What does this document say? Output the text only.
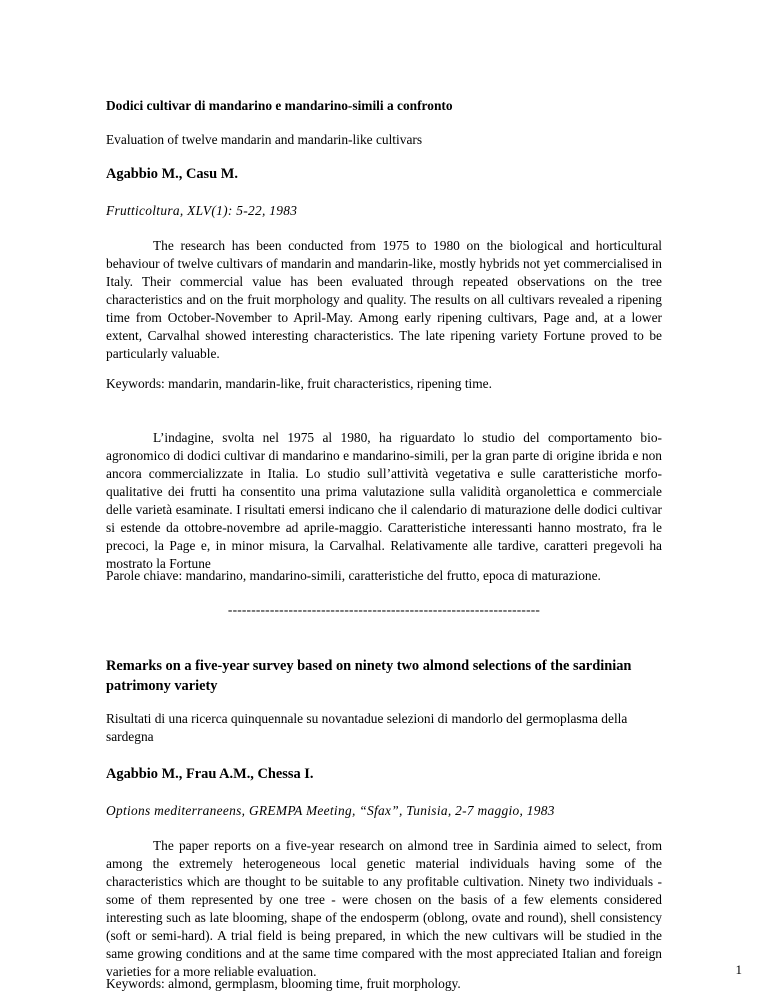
Dodici cultivar di mandarino e mandarino-simili a confronto

Evaluation of twelve mandarin and mandarin-like cultivars

Agabbio M., Casu M.

Frutticoltura, XLV(1): 5-22, 1983

The research has been conducted from 1975 to 1980 on the biological and horticultural behaviour of twelve cultivars of mandarin and mandarin-like, mostly hybrids not yet commercialised in Italy. Their commercial value has been evaluated through repeated observations on the tree characteristics and on the fruit morphology and quality. The results on all cultivars revealed a ripening time from October-November to April-May. Among early ripening cultivars, Page and, at a lower extent, Carvalhal showed interesting characteristics. The late ripening variety Fortune proved to be particularly valuable.

Keywords: mandarin, mandarin-like, fruit characteristics, ripening time.

L’indagine, svolta nel 1975 al 1980, ha riguardato lo studio del comportamento bio-agronomico di dodici cultivar di mandarino e mandarino-simili, per la gran parte di origine ibrida e non ancora commercializzate in Italia. Lo studio sull’attività vegetativa e sulle caratteristiche morfo-qualitative dei frutti ha consentito una prima valutazione sulla validità organolettica e commerciale delle varietà esaminate. I risultati emersi indicano che il calendario di maturazione delle dodici cultivar si estende da ottobre-novembre ad aprile-maggio. Caratteristiche interessanti hanno mostrato, fra le precoci, la Page e, in minor misura, la Carvalhal. Relativamente alle tardive, caratteri pregevoli ha mostrato la Fortune

Parole chiave: mandarino, mandarino-simili, caratteristiche del frutto, epoca di maturazione.

-------------------------------------------------------------------

Remarks on a five-year survey based on ninety two almond selections of the sardinian patrimony variety

Risultati di una ricerca quinquennale su novantadue selezioni di mandorlo del germoplasma della sardegna

Agabbio M., Frau A.M., Chessa I.

Options mediterraneens, GREMPA Meeting, “Sfax”, Tunisia, 2-7 maggio, 1983

The paper reports on a five-year research on almond tree in Sardinia aimed to select, from among the extremely heterogeneous local genetic material individuals having some of the characteristics which are thought to be suitable to any profitable cultivation. Ninety two individuals - some of them represented by one tree - were chosen on the basis of a few elements considered interesting such as late blooming, shape of the endosperm (oblong, ovate and round), shell consistency (soft or semi-hard). A trial field is being prepared, in which the new cultivars will be studied in the same growing conditions and at the same time compared with the most appreciated Italian and foreign varieties for a more reliable evaluation.

Keywords: almond, germplasm, blooming time, fruit morphology.

1
